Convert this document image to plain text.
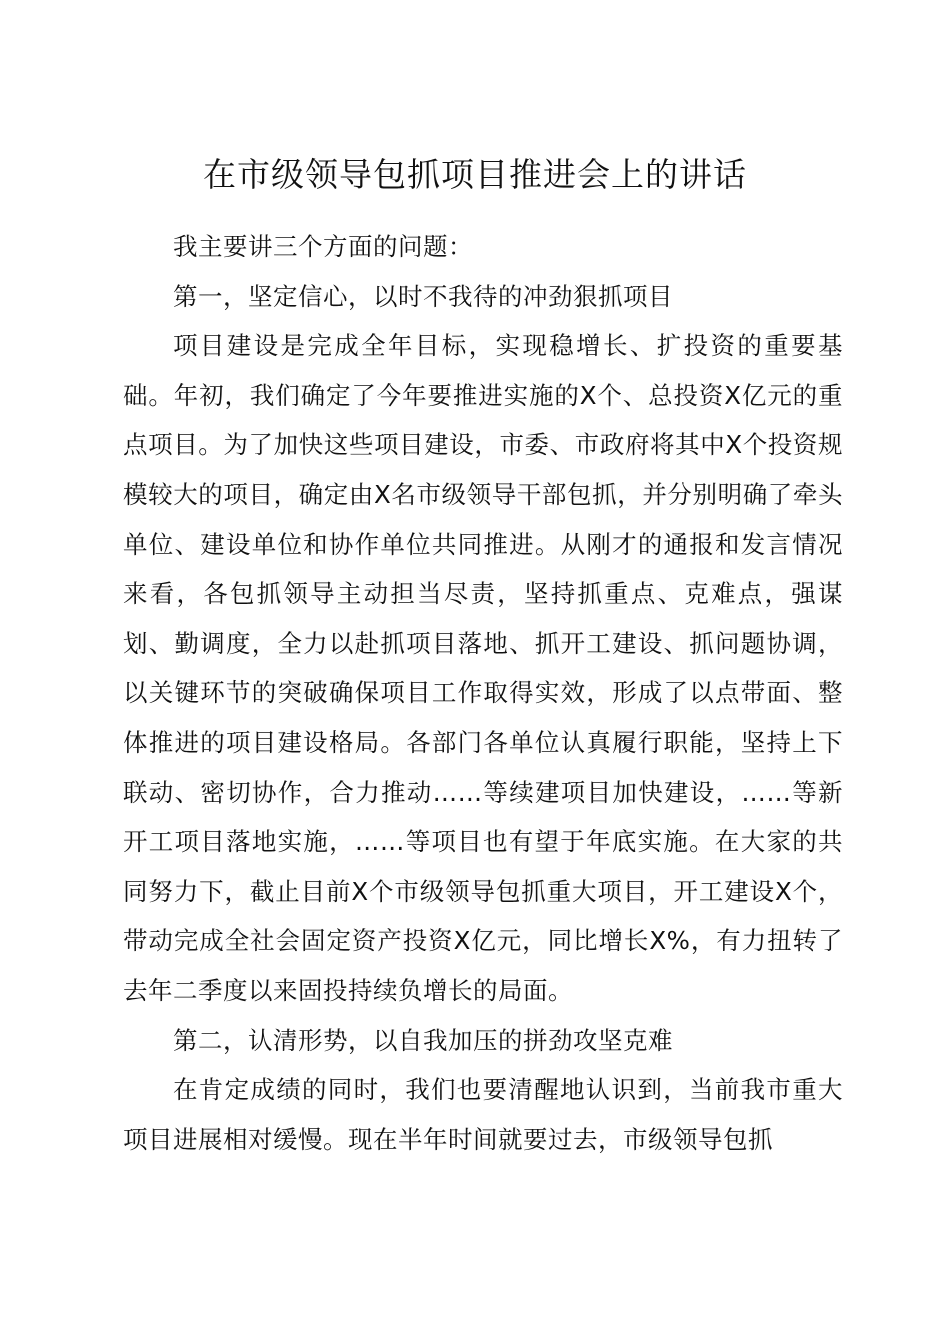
在市级领导包抓项目推进会上的讲话

我主要讲三个方面的问题：

第一，坚定信心，以时不我待的冲劲狠抓项目

项目建设是完成全年目标，实现稳增长、扩投资的重要基础。年初，我们确定了今年要推进实施的X个、总投资X亿元的重点项目。为了加快这些项目建设，市委、市政府将其中X个投资规模较大的项目，确定由X名市级领导干部包抓，并分别明确了牵头单位、建设单位和协作单位共同推进。从刚才的通报和发言情况来看，各包抓领导主动担当尽责，坚持抓重点、克难点，强谋划、勤调度，全力以赴抓项目落地、抓开工建设、抓问题协调，以关键环节的突破确保项目工作取得实效，形成了以点带面、整体推进的项目建设格局。各部门各单位认真履行职能，坚持上下联动、密切协作，合力推动……等续建项目加快建设，……等新开工项目落地实施，……等项目也有望于年底实施。在大家的共同努力下，截止目前X个市级领导包抓重大项目，开工建设X个，带动完成全社会固定资产投资X亿元，同比增长X%，有力扭转了去年二季度以来固投持续负增长的局面。

第二，认清形势，以自我加压的拼劲攻坚克难

在肯定成绩的同时，我们也要清醒地认识到，当前我市重大项目进展相对缓慢。现在半年时间就要过去，市级领导包抓
